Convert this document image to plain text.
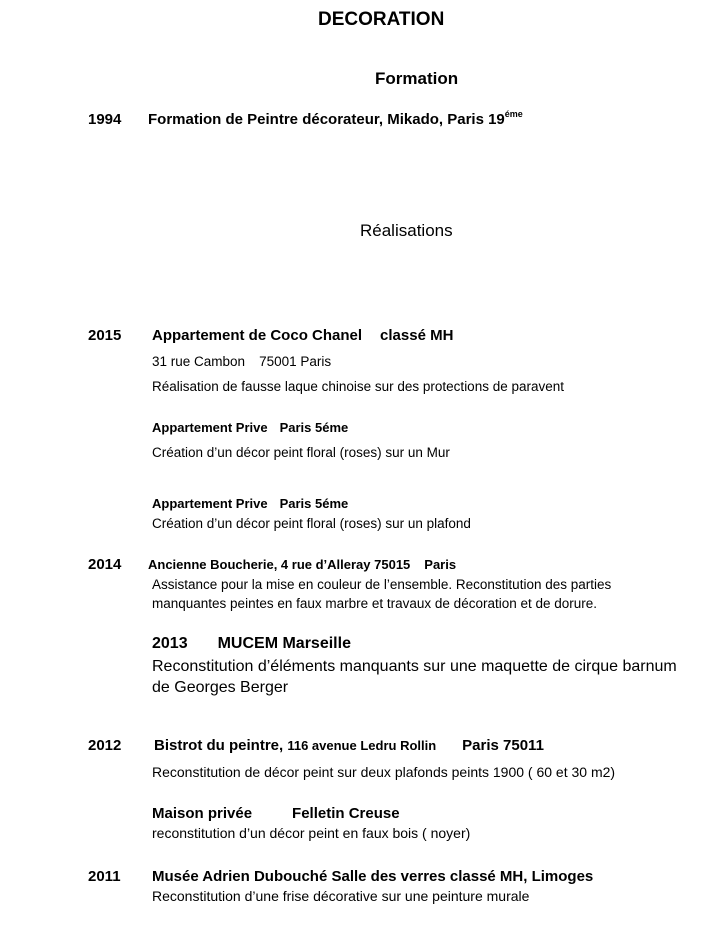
DECORATION
Formation
1994 Formation de Peintre décorateur, Mikado, Paris $19^{éme}$
Réalisations
2015 Appartement de Coco Chanel classé MH
31 rue Cambon 75001 Paris
Réalisation de fausse laque chinoise sur des protections de paravent
Appartement Prive Paris 5éme
Création d’un décor peint floral (roses) sur un Mur
Appartement Prive Paris 5éme
Création d’un décor peint floral (roses) sur un plafond
2014 Ancienne Boucherie, 4 rue d’Alleray 75015 Paris
Assistance pour la mise en couleur de l’ensemble. Reconstitution des parties
manquantes peintes en faux marbre et travaux de décoration et de dorure.
2013 MUCEM Marseille
Reconstitution d’éléments manquants sur une maquette de cirque barnum
de Georges Berger
2012 Bistrot du peintre, 116 avenue Ledru Rollin Paris 75011
Reconstitution de décor peint sur deux plafonds peints 1900 ( 60 et 30 m2)
Maison privée	Felletin Creuse
reconstitution d’un décor peint en faux bois ( noyer)
2011 Musée Adrien Dubouché Salle des verres classé MH, Limoges
Reconstitution d’une frise décorative sur une peinture murale
